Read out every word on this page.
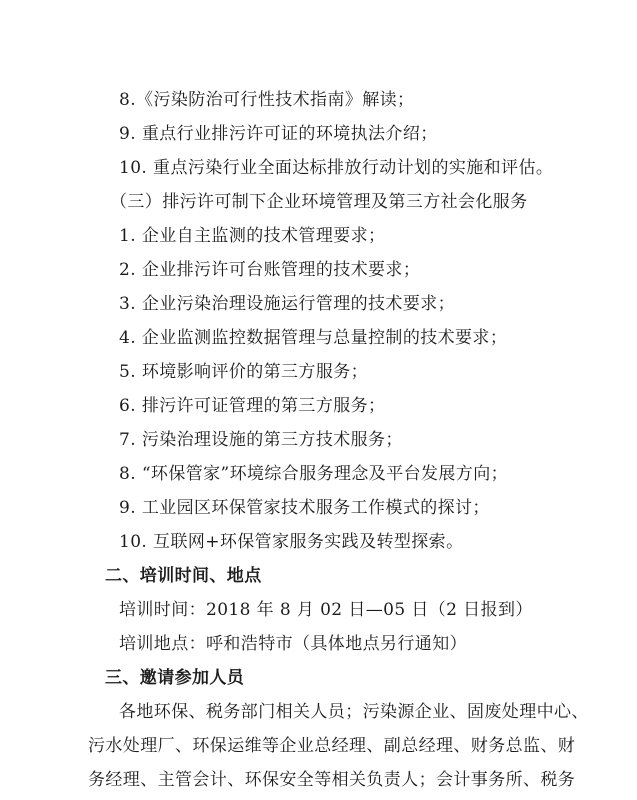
8.《污染防治可行性技术指南》解读；
9. 重点行业排污许可证的环境执法介绍；
10. 重点污染行业全面达标排放行动计划的实施和评估。
（三）排污许可制下企业环境管理及第三方社会化服务
1. 企业自主监测的技术管理要求；
2. 企业排污许可台账管理的技术要求；
3. 企业污染治理设施运行管理的技术要求；
4. 企业监测监控数据管理与总量控制的技术要求；
5. 环境影响评价的第三方服务；
6. 排污许可证管理的第三方服务；
7. 污染治理设施的第三方技术服务；
8. “环保管家”环境综合服务理念及平台发展方向；
9. 工业园区环保管家技术服务工作模式的探讨；
10. 互联网+环保管家服务实践及转型探索。
二、培训时间、地点
培训时间：2018 年 8 月 02 日—05 日（2 日报到）
培训地点：呼和浩特市（具体地点另行通知）
三、邀请参加人员
各地环保、税务部门相关人员；污染源企业、固废处理中心、
污水处理厂、环保运维等企业总经理、副总经理、财务总监、财
务经理、主管会计、环保安全等相关负责人；会计事务所、税务
